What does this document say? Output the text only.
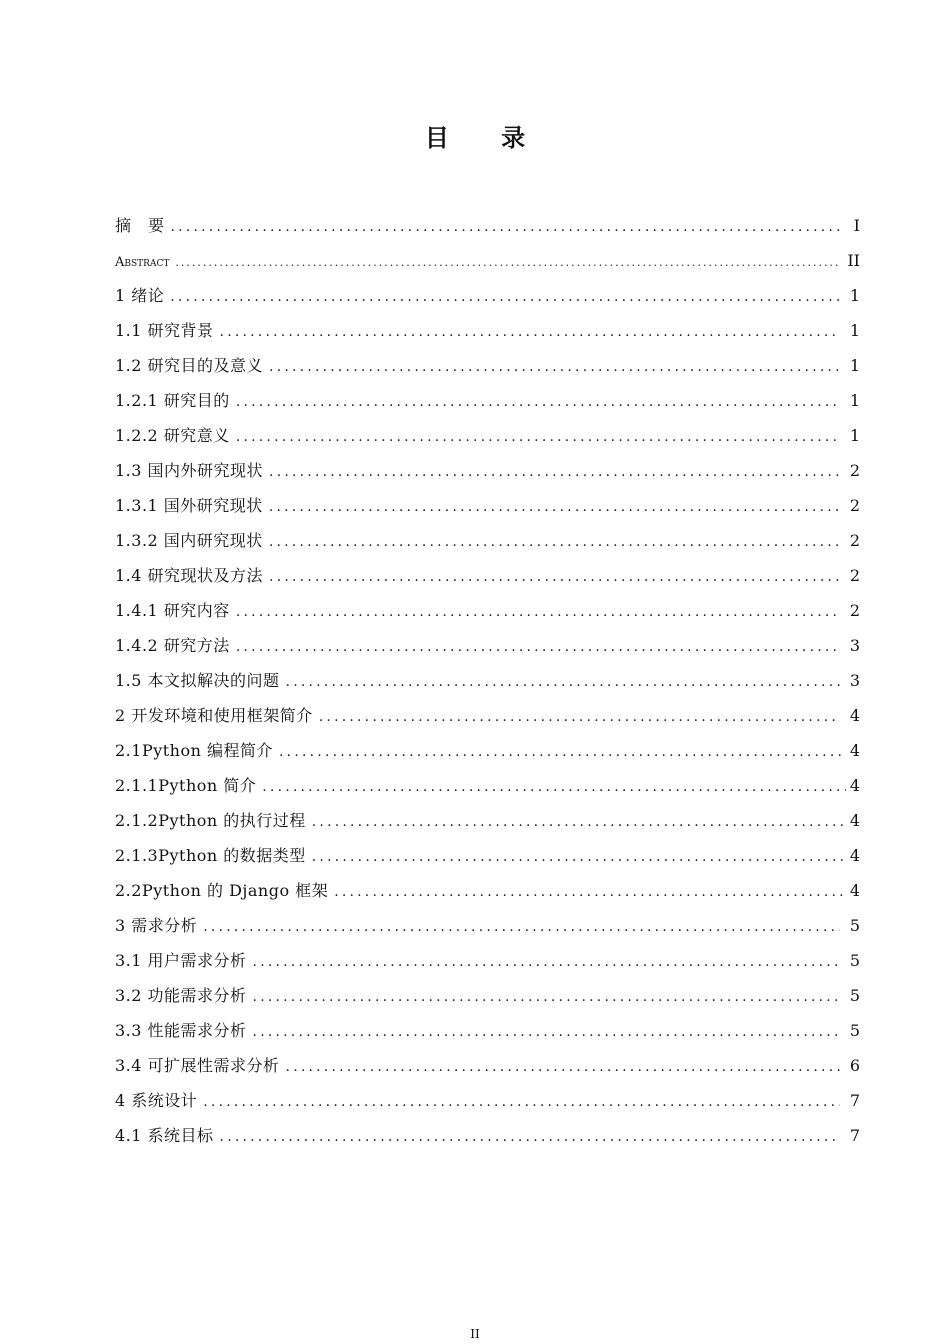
目 录
摘　要 .....	I
Abstract .....	II
1 绪论 .....	1
1.1 研究背景 .....	1
1.2 研究目的及意义 .....	1
1.2.1 研究目的 .....	1
1.2.2 研究意义 .....	1
1.3 国内外研究现状 .....	2
1.3.1 国外研究现状 .....	2
1.3.2 国内研究现状 .....	2
1.4 研究现状及方法 .....	2
1.4.1 研究内容 .....	2
1.4.2 研究方法 .....	3
1.5 本文拟解决的问题 .....	3
2 开发环境和使用框架简介 .....	4
2.1Python 编程简介 .....	4
2.1.1Python 简介 .....	4
2.1.2Python 的执行过程 .....	4
2.1.3Python 的数据类型 .....	4
2.2Python 的 Django 框架 .....	4
3 需求分析 .....	5
3.1 用户需求分析 .....	5
3.2 功能需求分析 .....	5
3.3 性能需求分析 .....	5
3.4 可扩展性需求分析 .....	6
4 系统设计 .....	7
4.1 系统目标 .....	7
II
